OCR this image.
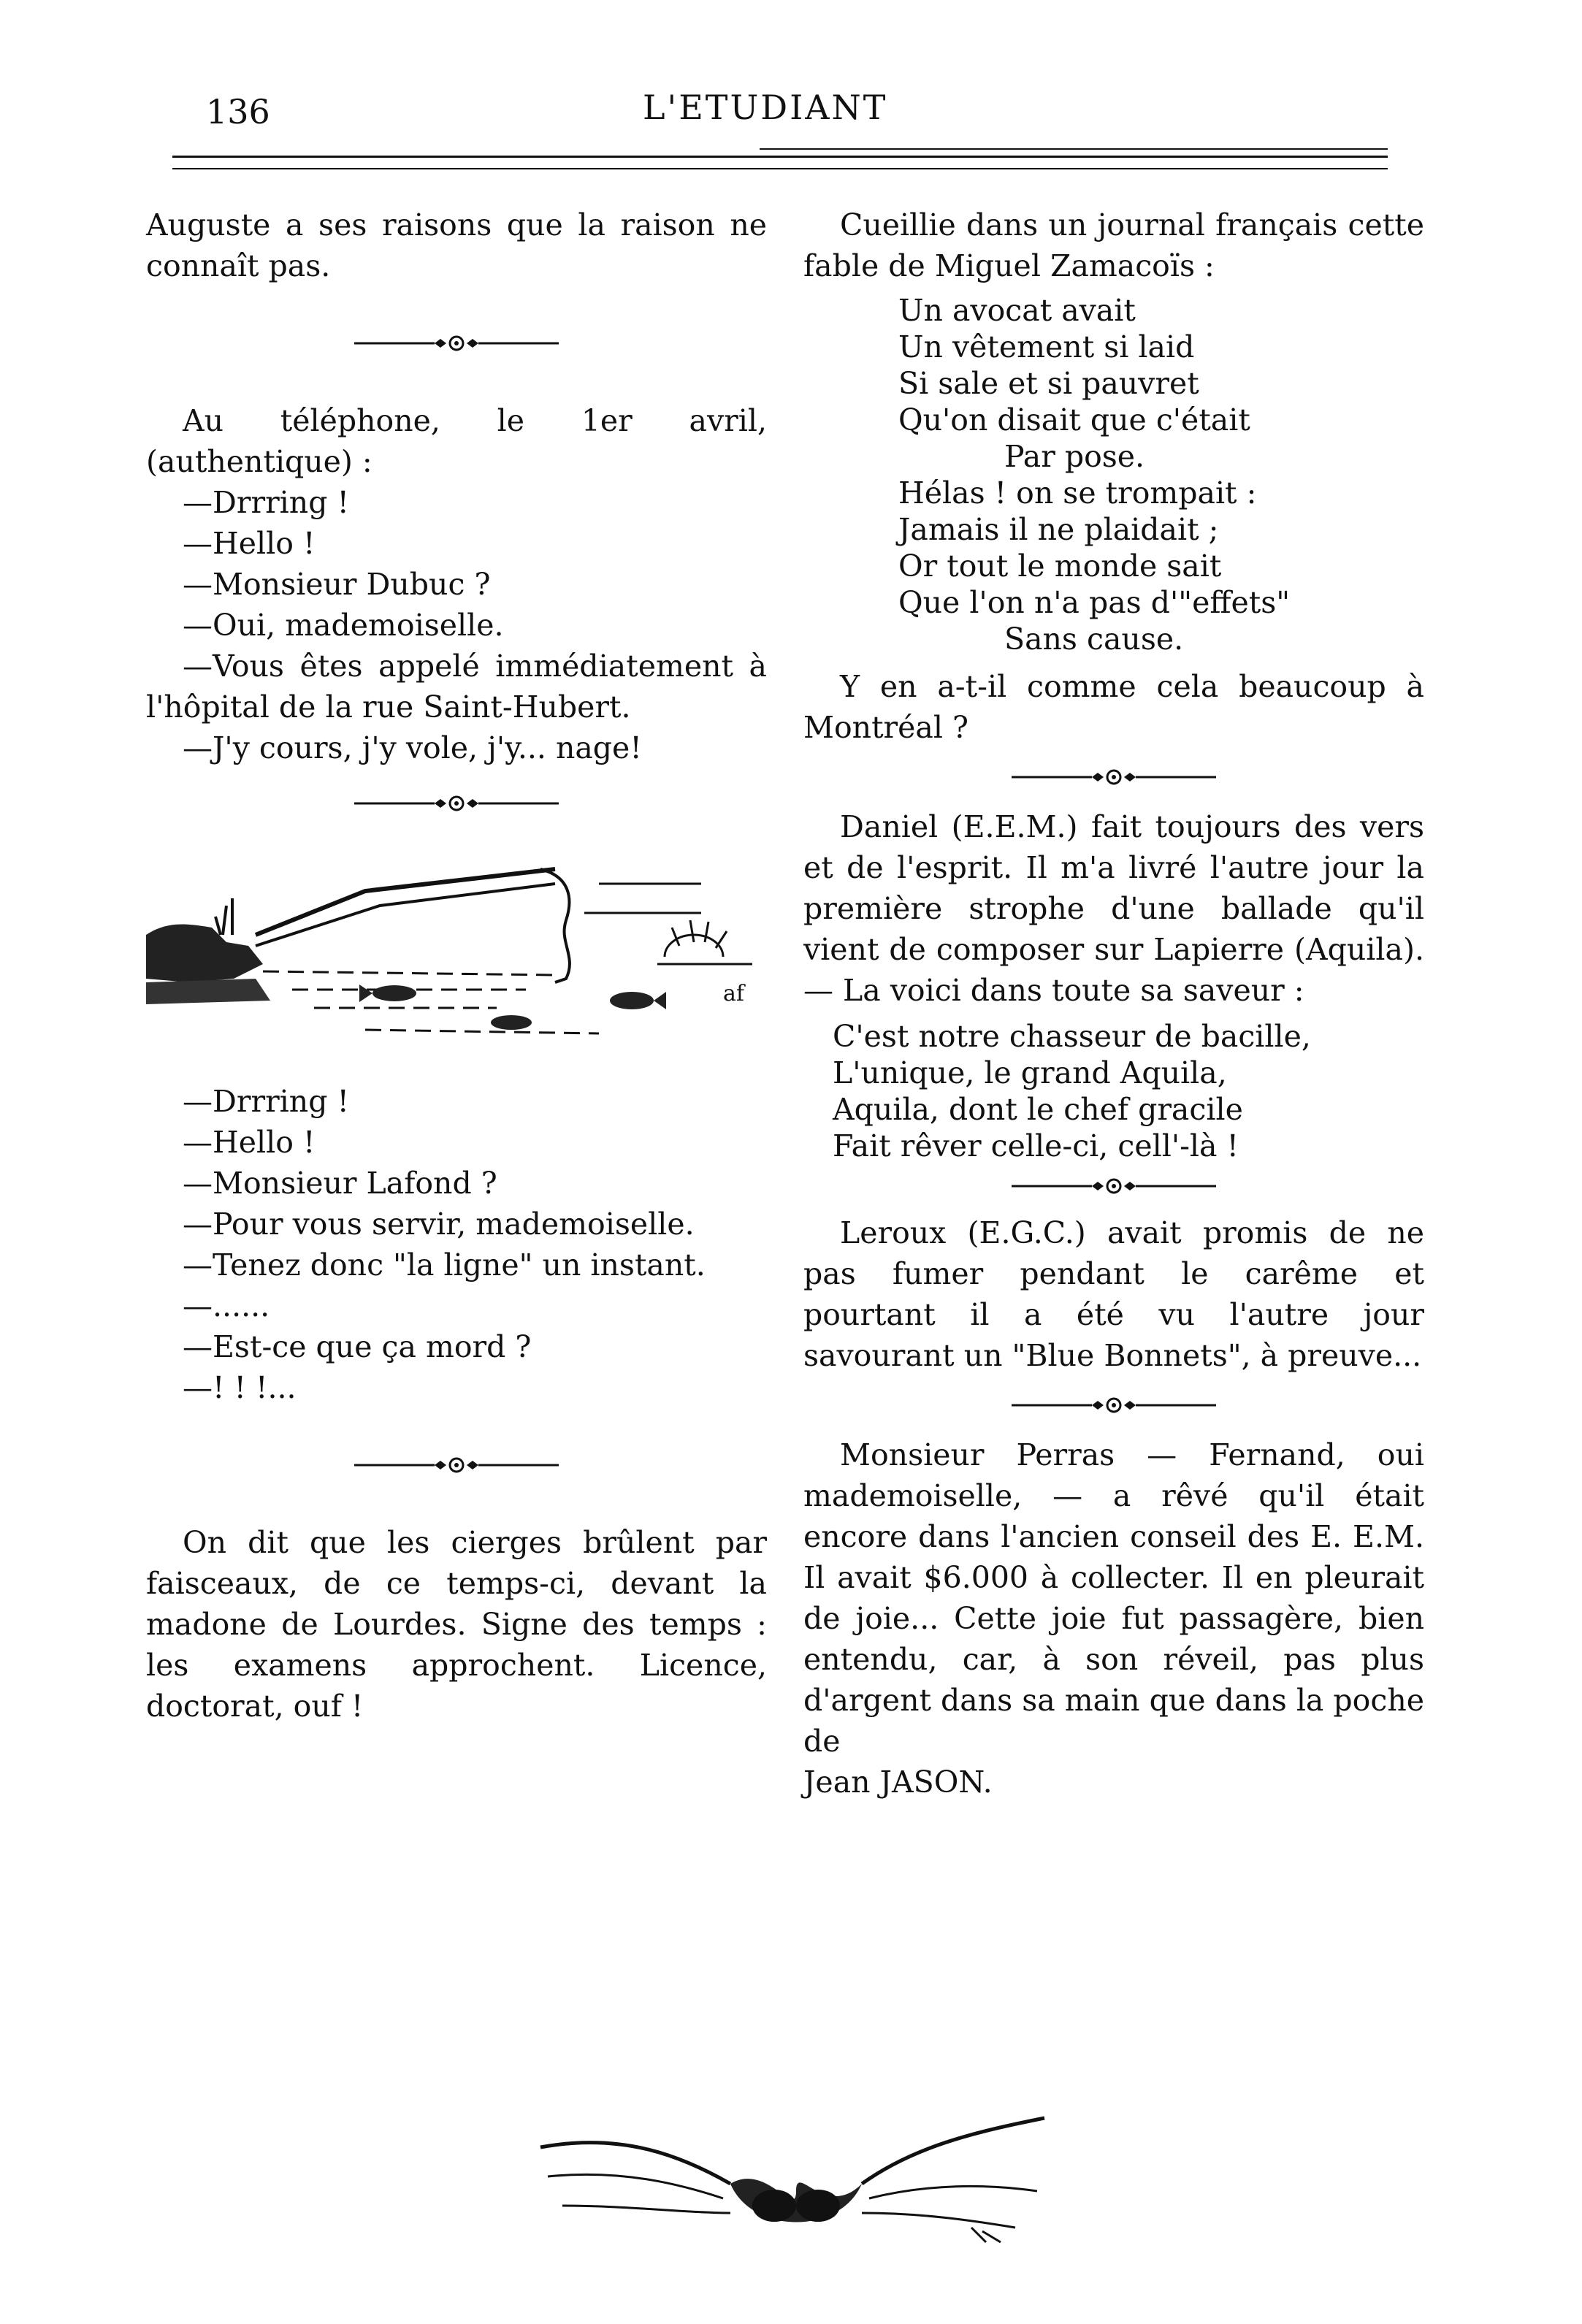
136	L'ETUDIANT

Auguste a ses raisons que la raison ne connaît pas.

Au téléphone, le 1er avril, (authentique) :

—Drrring !

—Hello !

—Monsieur Dubuc ?

—Oui, mademoiselle.

—Vous êtes appelé immédiatement à l'hôpital de la rue Saint-Hubert.

—J'y cours, j'y vole, j'y... nage!

af

—Drrring !

—Hello !

—Monsieur Lafond ?

—Pour vous servir, mademoiselle.

—Tenez donc "la ligne" un instant.

—......

—Est-ce que ça mord ?

—! ! !...

On dit que les cierges brûlent par faisceaux, de ce temps-ci, devant la madone de Lourdes. Signe des temps : les examens approchent. Licence, doctorat, ouf !

Cueillie dans un journal français cette fable de Miguel Zamacoïs :

Un avocat avait
Un vêtement si laid
Si sale et si pauvret
Qu'on disait que c'était
Par pose.
Hélas ! on se trompait :
Jamais il ne plaidait ;
Or tout le monde sait
Que l'on n'a pas d'"effets"
Sans cause.

Y en a-t-il comme cela beaucoup à Montréal ?

Daniel (E.E.M.) fait toujours des vers et de l'esprit. Il m'a livré l'autre jour la première strophe d'une ballade qu'il vient de composer sur Lapierre (Aquila).— La voici dans toute sa saveur :

C'est notre chasseur de bacille,
L'unique, le grand Aquila,
Aquila, dont le chef gracile
Fait rêver celle-ci, cell'-là !

Leroux (E.G.C.) avait promis de ne pas fumer pendant le carême et pourtant il a été vu l'autre jour savourant un "Blue Bonnets", à preuve...

Monsieur Perras — Fernand, oui mademoiselle, — a rêvé qu'il était encore dans l'ancien conseil des E. E.M. Il avait $6.000 à collecter. Il en pleurait de joie... Cette joie fut passagère, bien entendu, car, à son réveil, pas plus d'argent dans sa main que dans la poche de

Jean JASON.
